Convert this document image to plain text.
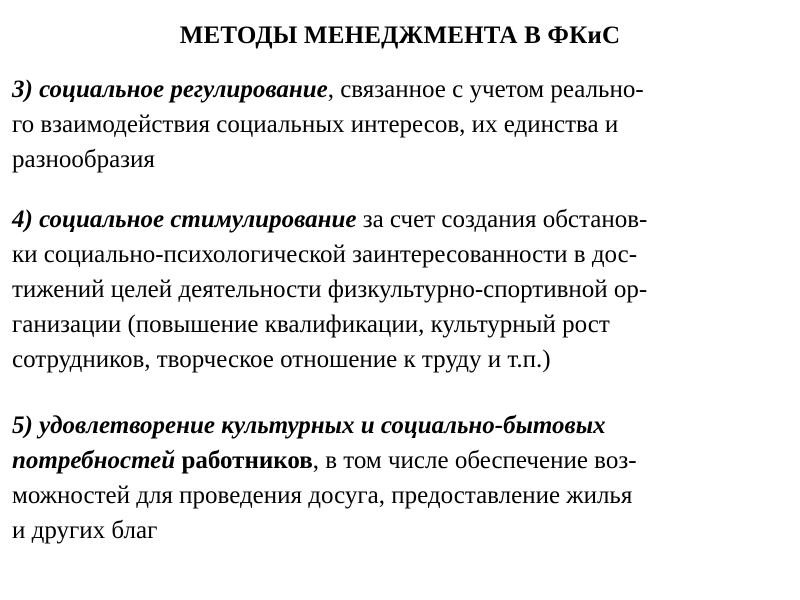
МЕТОДЫ МЕНЕДЖМЕНТА В ФКиС
3) социальное регулирование, связанное с учетом реально-
го взаимодействия социальных интересов, их единства и
разнообразия
4) социальное стимулирование за счет создания обстанов-
ки социально-психологической заинтересованности в дос-
тижений целей деятельности физкультурно-спортивной ор-
ганизации (повышение квалификации, культурный рост
сотрудников, творческое отношение к труду и т.п.)
5) удовлетворение культурных и социально-бытовых
потребностей работников, в том числе обеспечение воз-
можностей для проведения досуга, предоставление жилья
и других благ
